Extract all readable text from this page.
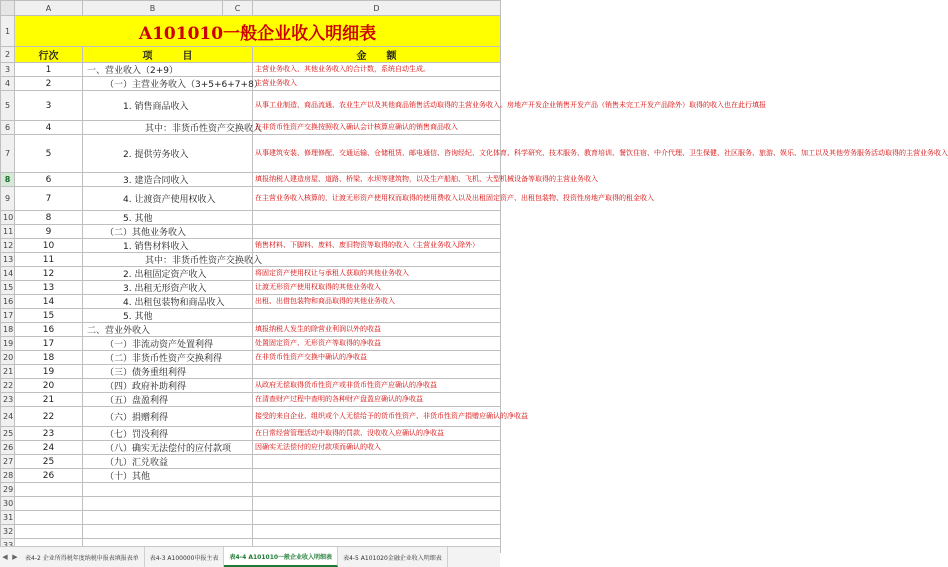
	A	B	C	D
1	A101010一般企业收入明细表			
2	行次	项　　　目		金　　额
3	1	一、营业收入（2+9）		主营业务收入、其他业务收入的合计数，系统自动生成。
4	2	（一）主营业务收入（3+5+6+7+8）		主营业务收入
5	3	1. 销售商品收入		从事工业制造、商品流通、农业生产以及其他商品销售活动取得的主营业务收入。房地产开发企业销售开发产品（销售未完工开发产品除外）取得的收入也在此行填报
6	4	其中：非货币性资产交换收入		在非货币性资产交换按照收入确认会计核算应确认的销售商品收入
7	5	2. 提供劳务收入		从事建筑安装、修理修配、交通运输、仓储租赁、邮电通信、咨询经纪、文化体育、科学研究、技术服务、教育培训、餐饮住宿、中介代理、卫生保健、社区服务、旅游、娱乐、加工以及其他劳务服务活动取得的主营业务收入
8	6	3. 建造合同收入		填报纳税人建造房屋、道路、桥梁、水坝等建筑物，以及生产船舶、飞机、大型机械设备等取得的主营业务收入
9	7	4. 让渡资产使用权收入		在主营业务收入核算的，让渡无形资产使用权而取得的使用费收入以及出租固定资产、出租包装物、投资性房地产取得的租金收入
10	8	5. 其他		
11	9	（二）其他业务收入		
12	10	1. 销售材料收入		销售材料、下脚料、废料、废旧物资等取得的收入（主营业务收入除外）
13	11	其中：非货币性资产交换收入		
14	12	2. 出租固定资产收入		将固定资产使用权让与承租人获取的其他业务收入
15	13	3. 出租无形资产收入		让渡无形资产使用权取得的其他业务收入
16	14	4. 出租包装物和商品收入		出租、出借包装物和商品取得的其他业务收入
17	15	5. 其他		
18	16	二、营业外收入		填报纳税人发生的除营业利润以外的收益
19	17	（一）非流动资产处置利得		处置固定资产、无形资产等取得的净收益
20	18	（二）非货币性资产交换利得		在非货币性资产交换中确认的净收益
21	19	（三）债务重组利得		
22	20	（四）政府补助利得		从政府无偿取得货币性资产或非货币性资产应确认的净收益
23	21	（五）盘盈利得		在清查财产过程中查明的各种财产盘盈应确认的净收益
24	22	（六）捐赠利得		接受的来自企业、组织或个人无偿给予的货币性资产、非货币性资产捐赠应确认的净收益
25	23	（七）罚没利得		在日常经营管理活动中取得的罚款、没收收入应确认的净收益
26	24	（八）确实无法偿付的应付款项		因确实无法偿付的应付款项而确认的收入
27	25	（九）汇兑收益		
28	26	（十）其他		
29				
30				
31				
32				

◀ ▶	表4-2 企业所得税年度纳税申报表填报表单	表4-3 A100000申报主表	表4-4 A101010一般企业收入明细表	表4-5 A101020金融企业收入明细表
